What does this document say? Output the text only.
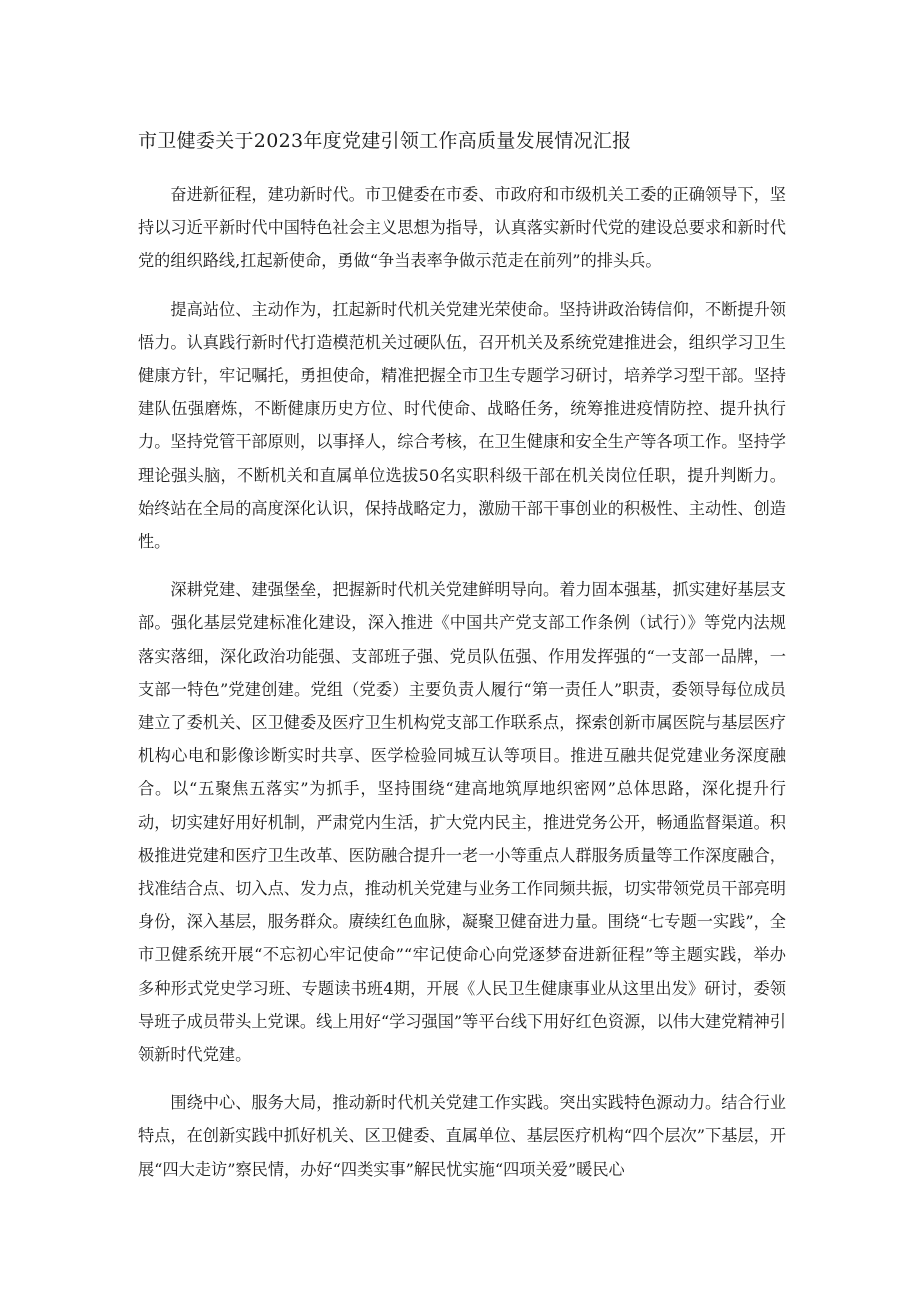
市卫健委关于2023年度党建引领工作高质量发展情况汇报

奋进新征程，建功新时代。市卫健委在市委、市政府和市级机关工委的正确领导下，坚持以习近平新时代中国特色社会主义思想为指导，认真落实新时代党的建设总要求和新时代党的组织路线,扛起新使命，勇做“争当表率争做示范走在前列”的排头兵。

提高站位、主动作为，扛起新时代机关党建光荣使命。坚持讲政治铸信仰，不断提升领悟力。认真践行新时代打造模范机关过硬队伍，召开机关及系统党建推进会，组织学习卫生健康方针，牢记嘱托，勇担使命，精准把握全市卫生专题学习研讨，培养学习型干部。坚持建队伍强磨炼，不断健康历史方位、时代使命、战略任务，统筹推进疫情防控、提升执行力。坚持党管干部原则，以事择人，综合考核，在卫生健康和安全生产等各项工作。坚持学理论强头脑，不断机关和直属单位选拔50名实职科级干部在机关岗位任职，提升判断力。始终站在全局的高度深化认识，保持战略定力，激励干部干事创业的积极性、主动性、创造性。

深耕党建、建强堡垒，把握新时代机关党建鲜明导向。着力固本强基，抓实建好基层支部。强化基层党建标准化建设，深入推进《中国共产党支部工作条例（试行）》等党内法规落实落细，深化政治功能强、支部班子强、党员队伍强、作用发挥强的“一支部一品牌，一支部一特色”党建创建。党组（党委）主要负责人履行“第一责任人”职责，委领导每位成员建立了委机关、区卫健委及医疗卫生机构党支部工作联系点，探索创新市属医院与基层医疗机构心电和影像诊断实时共享、医学检验同城互认等项目。推进互融共促党建业务深度融合。以“五聚焦五落实”为抓手，坚持围绕“建高地筑厚地织密网”总体思路，深化提升行动，切实建好用好机制，严肃党内生活，扩大党内民主，推进党务公开，畅通监督渠道。积极推进党建和医疗卫生改革、医防融合提升一老一小等重点人群服务质量等工作深度融合，找准结合点、切入点、发力点，推动机关党建与业务工作同频共振，切实带领党员干部亮明身份，深入基层，服务群众。赓续红色血脉，凝聚卫健奋进力量。围绕“七专题一实践”，全市卫健系统开展“不忘初心牢记使命”“牢记使命心向党逐梦奋进新征程”等主题实践，举办多种形式党史学习班、专题读书班4期，开展《人民卫生健康事业从这里出发》研讨，委领导班子成员带头上党课。线上用好“学习强国”等平台线下用好红色资源，以伟大建党精神引领新时代党建。

围绕中心、服务大局，推动新时代机关党建工作实践。突出实践特色源动力。结合行业特点，在创新实践中抓好机关、区卫健委、直属单位、基层医疗机构“四个层次”下基层，开展“四大走访”察民情，办好“四类实事”解民忧实施“四项关爱”暖民心
